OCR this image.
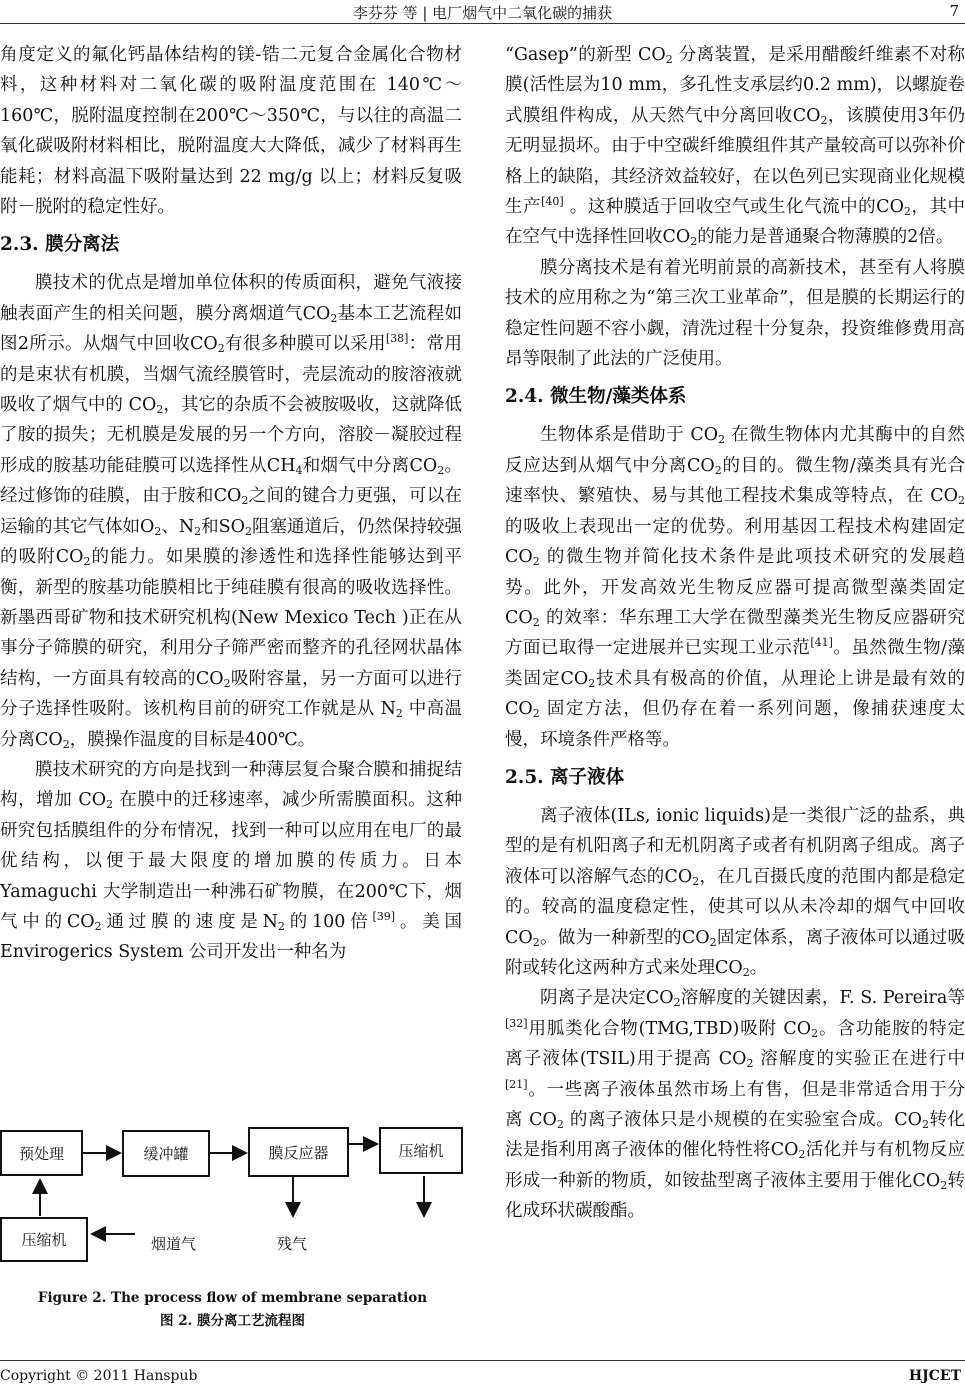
李芬芬 等 | 电厂烟气中二氧化碳的捕获	7

角度定义的氟化钙晶体结构的镁-锆二元复合金属化合物材料，这种材料对二氧化碳的吸附温度范围在 140℃～160℃，脱附温度控制在200℃～350℃，与以往的高温二氧化碳吸附材料相比，脱附温度大大降低，减少了材料再生能耗；材料高温下吸附量达到 22 mg/g 以上；材料反复吸附－脱附的稳定性好。

2.3. 膜分离法

膜技术的优点是增加单位体积的传质面积，避免气液接触表面产生的相关问题，膜分离烟道气$CO_2$基本工艺流程如图2所示。从烟气中回收$CO_2$有很多种膜可以采用[38]：常用的是束状有机膜，当烟气流经膜管时，壳层流动的胺溶液就吸收了烟气中的 $CO_2$，其它的杂质不会被胺吸收，这就降低了胺的损失；无机膜是发展的另一个方向，溶胶－凝胶过程形成的胺基功能硅膜可以选择性从$CH_4$和烟气中分离$CO_2$。经过修饰的硅膜，由于胺和$CO_2$之间的键合力更强，可以在运输的其它气体如$O_2$、$N_2$和$SO_2$阻塞通道后，仍然保持较强的吸附$CO_2$的能力。如果膜的渗透性和选择性能够达到平衡，新型的胺基功能膜相比于纯硅膜有很高的吸收选择性。新墨西哥矿物和技术研究机构(New Mexico Tech )正在从事分子筛膜的研究，利用分子筛严密而整齐的孔径网状晶体结构，一方面具有较高的$CO_2$吸附容量，另一方面可以进行分子选择性吸附。该机构目前的研究工作就是从 $N_2$ 中高温分离$CO_2$，膜操作温度的目标是400℃。

膜技术研究的方向是找到一种薄层复合聚合膜和捕捉结构，增加 $CO_2$ 在膜中的迁移速率，减少所需膜面积。这种研究包括膜组件的分布情况，找到一种可以应用在电厂的最优结构，以便于最大限度的增加膜的传质力。日本 Yamaguchi 大学制造出一种沸石矿物膜，在200℃下，烟气中的$CO_2$通过膜的速度是$N_2$的100倍[39]。美国 Envirogerics System 公司开发出一种名为

预处理	缓冲罐	膜反应器	压缩机
压缩机	烟道气	残气
Figure 2. The process flow of membrane separation
图 2. 膜分离工艺流程图

“Gasep”的新型 $CO_2$ 分离装置，是采用醋酸纤维素不对称膜(活性层为10 mm，多孔性支承层约0.2 mm)，以螺旋卷式膜组件构成，从天然气中分离回收$CO_2$，该膜使用3年仍无明显损坏。由于中空碳纤维膜组件其产量较高可以弥补价格上的缺陷，其经济效益较好，在以色列已实现商业化规模生产[40] 。这种膜适于回收空气或生化气流中的$CO_2$，其中在空气中选择性回收$CO_2$的能力是普通聚合物薄膜的2倍。

膜分离技术是有着光明前景的高新技术，甚至有人将膜技术的应用称之为“第三次工业革命”，但是膜的长期运行的稳定性问题不容小觑，清洗过程十分复杂，投资维修费用高昂等限制了此法的广泛使用。

2.4. 微生物/藻类体系

生物体系是借助于 $CO_2$ 在微生物体内尤其酶中的自然反应达到从烟气中分离$CO_2$的目的。微生物/藻类具有光合速率快、繁殖快、易与其他工程技术集成等特点，在 $CO_2$ 的吸收上表现出一定的优势。利用基因工程技术构建固定 $CO_2$ 的微生物并简化技术条件是此项技术研究的发展趋势。此外，开发高效光生物反应器可提高微型藻类固定 $CO_2$ 的效率：华东理工大学在微型藻类光生物反应器研究方面已取得一定进展并已实现工业示范[41]。虽然微生物/藻类固定$CO_2$技术具有极高的价值，从理论上讲是最有效的 $CO_2$ 固定方法，但仍存在着一系列问题，像捕获速度太慢，环境条件严格等。

2.5. 离子液体

离子液体(ILs, ionic liquids)是一类很广泛的盐系，典型的是有机阳离子和无机阴离子或者有机阴离子组成。离子液体可以溶解气态的$CO_2$，在几百摄氏度的范围内都是稳定的。较高的温度稳定性，使其可以从未冷却的烟气中回收$CO_2$。做为一种新型的$CO_2$固定体系，离子液体可以通过吸附或转化这两种方式来处理$CO_2$。

阴离子是决定$CO_2$溶解度的关键因素，F. S. Pereira等[32]用胍类化合物(TMG,TBD)吸附 $CO_2$。含功能胺的特定离子液体(TSIL)用于提高 $CO_2$ 溶解度的实验正在进行中[21]。一些离子液体虽然市场上有售，但是非常适合用于分离 $CO_2$ 的离子液体只是小规模的在实验室合成。$CO_2$转化法是指利用离子液体的催化特性将$CO_2$活化并与有机物反应形成一种新的物质，如铵盐型离子液体主要用于催化$CO_2$转化成环状碳酸酯。

Copyright © 2011 Hanspub	HJCET
